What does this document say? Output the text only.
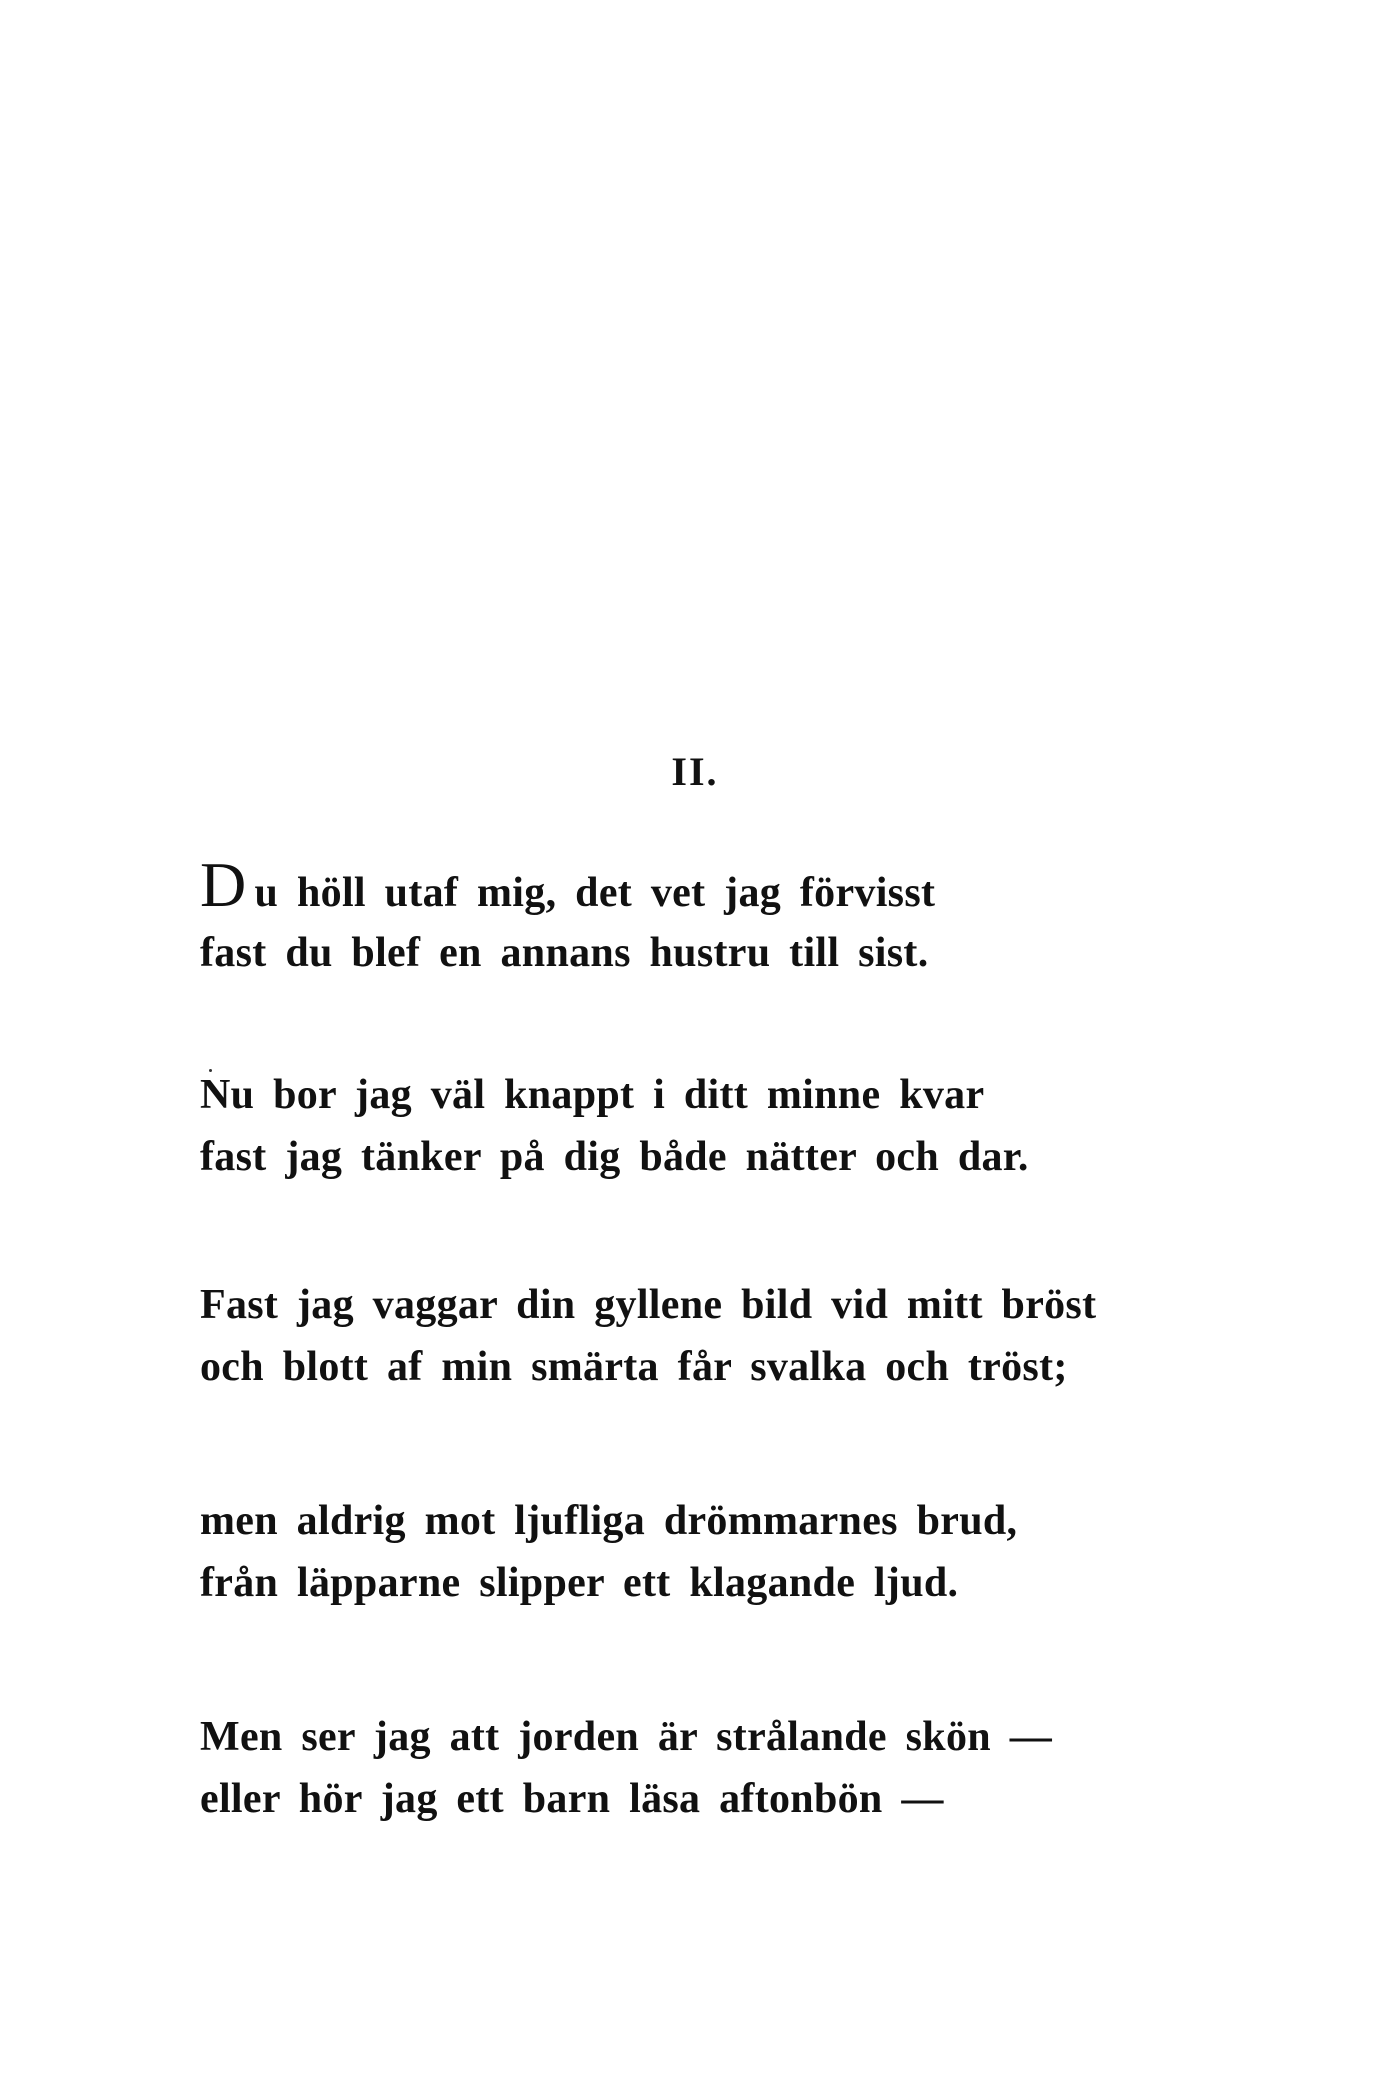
II.
Du höll utaf mig, det vet jag förvisst
fast du blef en annans hustru till sist.
Nu bor jag väl knappt i ditt minne kvar
fast jag tänker på dig både nätter och dar.
Fast jag vaggar din gyllene bild vid mitt bröst
och blott af min smärta får svalka och tröst;
men aldrig mot ljufliga drömmarnes brud,
från läpparne slipper ett klagande ljud.
Men ser jag att jorden är strålande skön —
eller hör jag ett barn läsa aftonbön —
